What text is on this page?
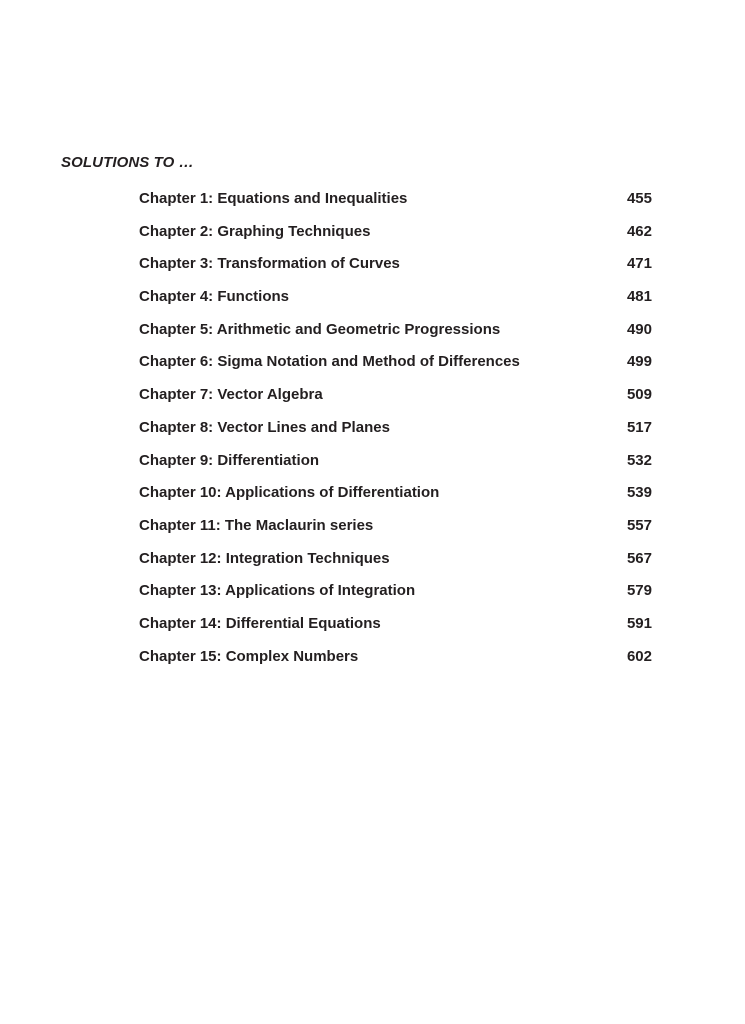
SOLUTIONS TO …
Chapter 1: Equations and Inequalities	455
Chapter 2: Graphing Techniques	462
Chapter 3: Transformation of Curves	471
Chapter 4: Functions	481
Chapter 5: Arithmetic and Geometric Progressions	490
Chapter 6: Sigma Notation and Method of Differences	499
Chapter 7: Vector Algebra	509
Chapter 8: Vector Lines and Planes	517
Chapter 9: Differentiation	532
Chapter 10: Applications of Differentiation	539
Chapter 11: The Maclaurin series	557
Chapter 12: Integration Techniques	567
Chapter 13: Applications of Integration	579
Chapter 14: Differential Equations	591
Chapter 15: Complex Numbers	602
